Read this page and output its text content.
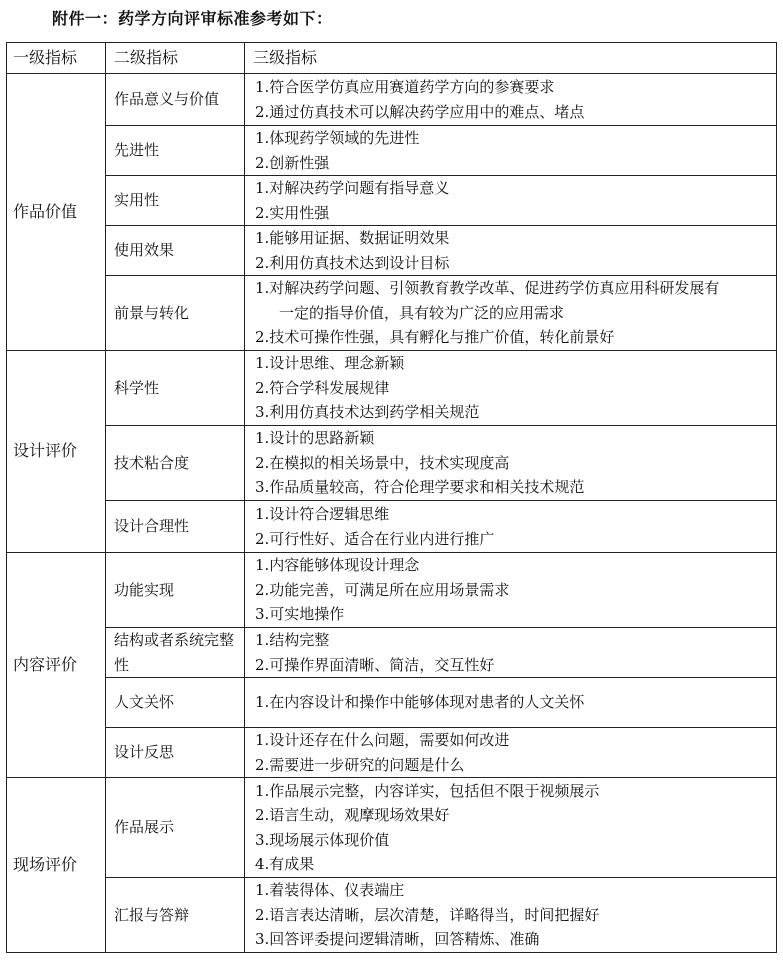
附件一：药学方向评审标准参考如下：
一级指标	二级指标	三级指标
作品价值	作品意义与价值	1.符合医学仿真应用赛道药学方向的参赛要求
2.通过仿真技术可以解决药学应用中的难点、堵点

	先进性	1.体现药学领域的先进性
2.创新性强

	实用性	1.对解决药学问题有指导意义
2.实用性强

	使用效果	1.能够用证据、数据证明效果
2.利用仿真技术达到设计目标

	前景与转化	1.对解决药学问题、引领教育教学改革、促进药学仿真应用科研发展有
一定的指导价值，具有较为广泛的应用需求
2.技术可操作性强，具有孵化与推广价值，转化前景好

设计评价	科学性	1.设计思维、理念新颖
2.符合学科发展规律
3.利用仿真技术达到药学相关规范

	技术粘合度	1.设计的思路新颖
2.在模拟的相关场景中，技术实现度高
3.作品质量较高，符合伦理学要求和相关技术规范

	设计合理性	1.设计符合逻辑思维
2.可行性好、适合在行业内进行推广

内容评价	功能实现	1.内容能够体现设计理念
2.功能完善，可满足所在应用场景需求
3.可实地操作

	结构或者系统完整性	1.结构完整
2.可操作界面清晰、简洁，交互性好

	人文关怀	1.在内容设计和操作中能够体现对患者的人文关怀

	设计反思	1.设计还存在什么问题，需要如何改进
2.需要进一步研究的问题是什么

现场评价	作品展示	1.作品展示完整，内容详实，包括但不限于视频展示
2.语言生动，观摩现场效果好
3.现场展示体现价值
4.有成果

	汇报与答辩	1.着装得体、仪表端庄
2.语言表达清晰，层次清楚，详略得当，时间把握好
3.回答评委提问逻辑清晰，回答精炼、准确
